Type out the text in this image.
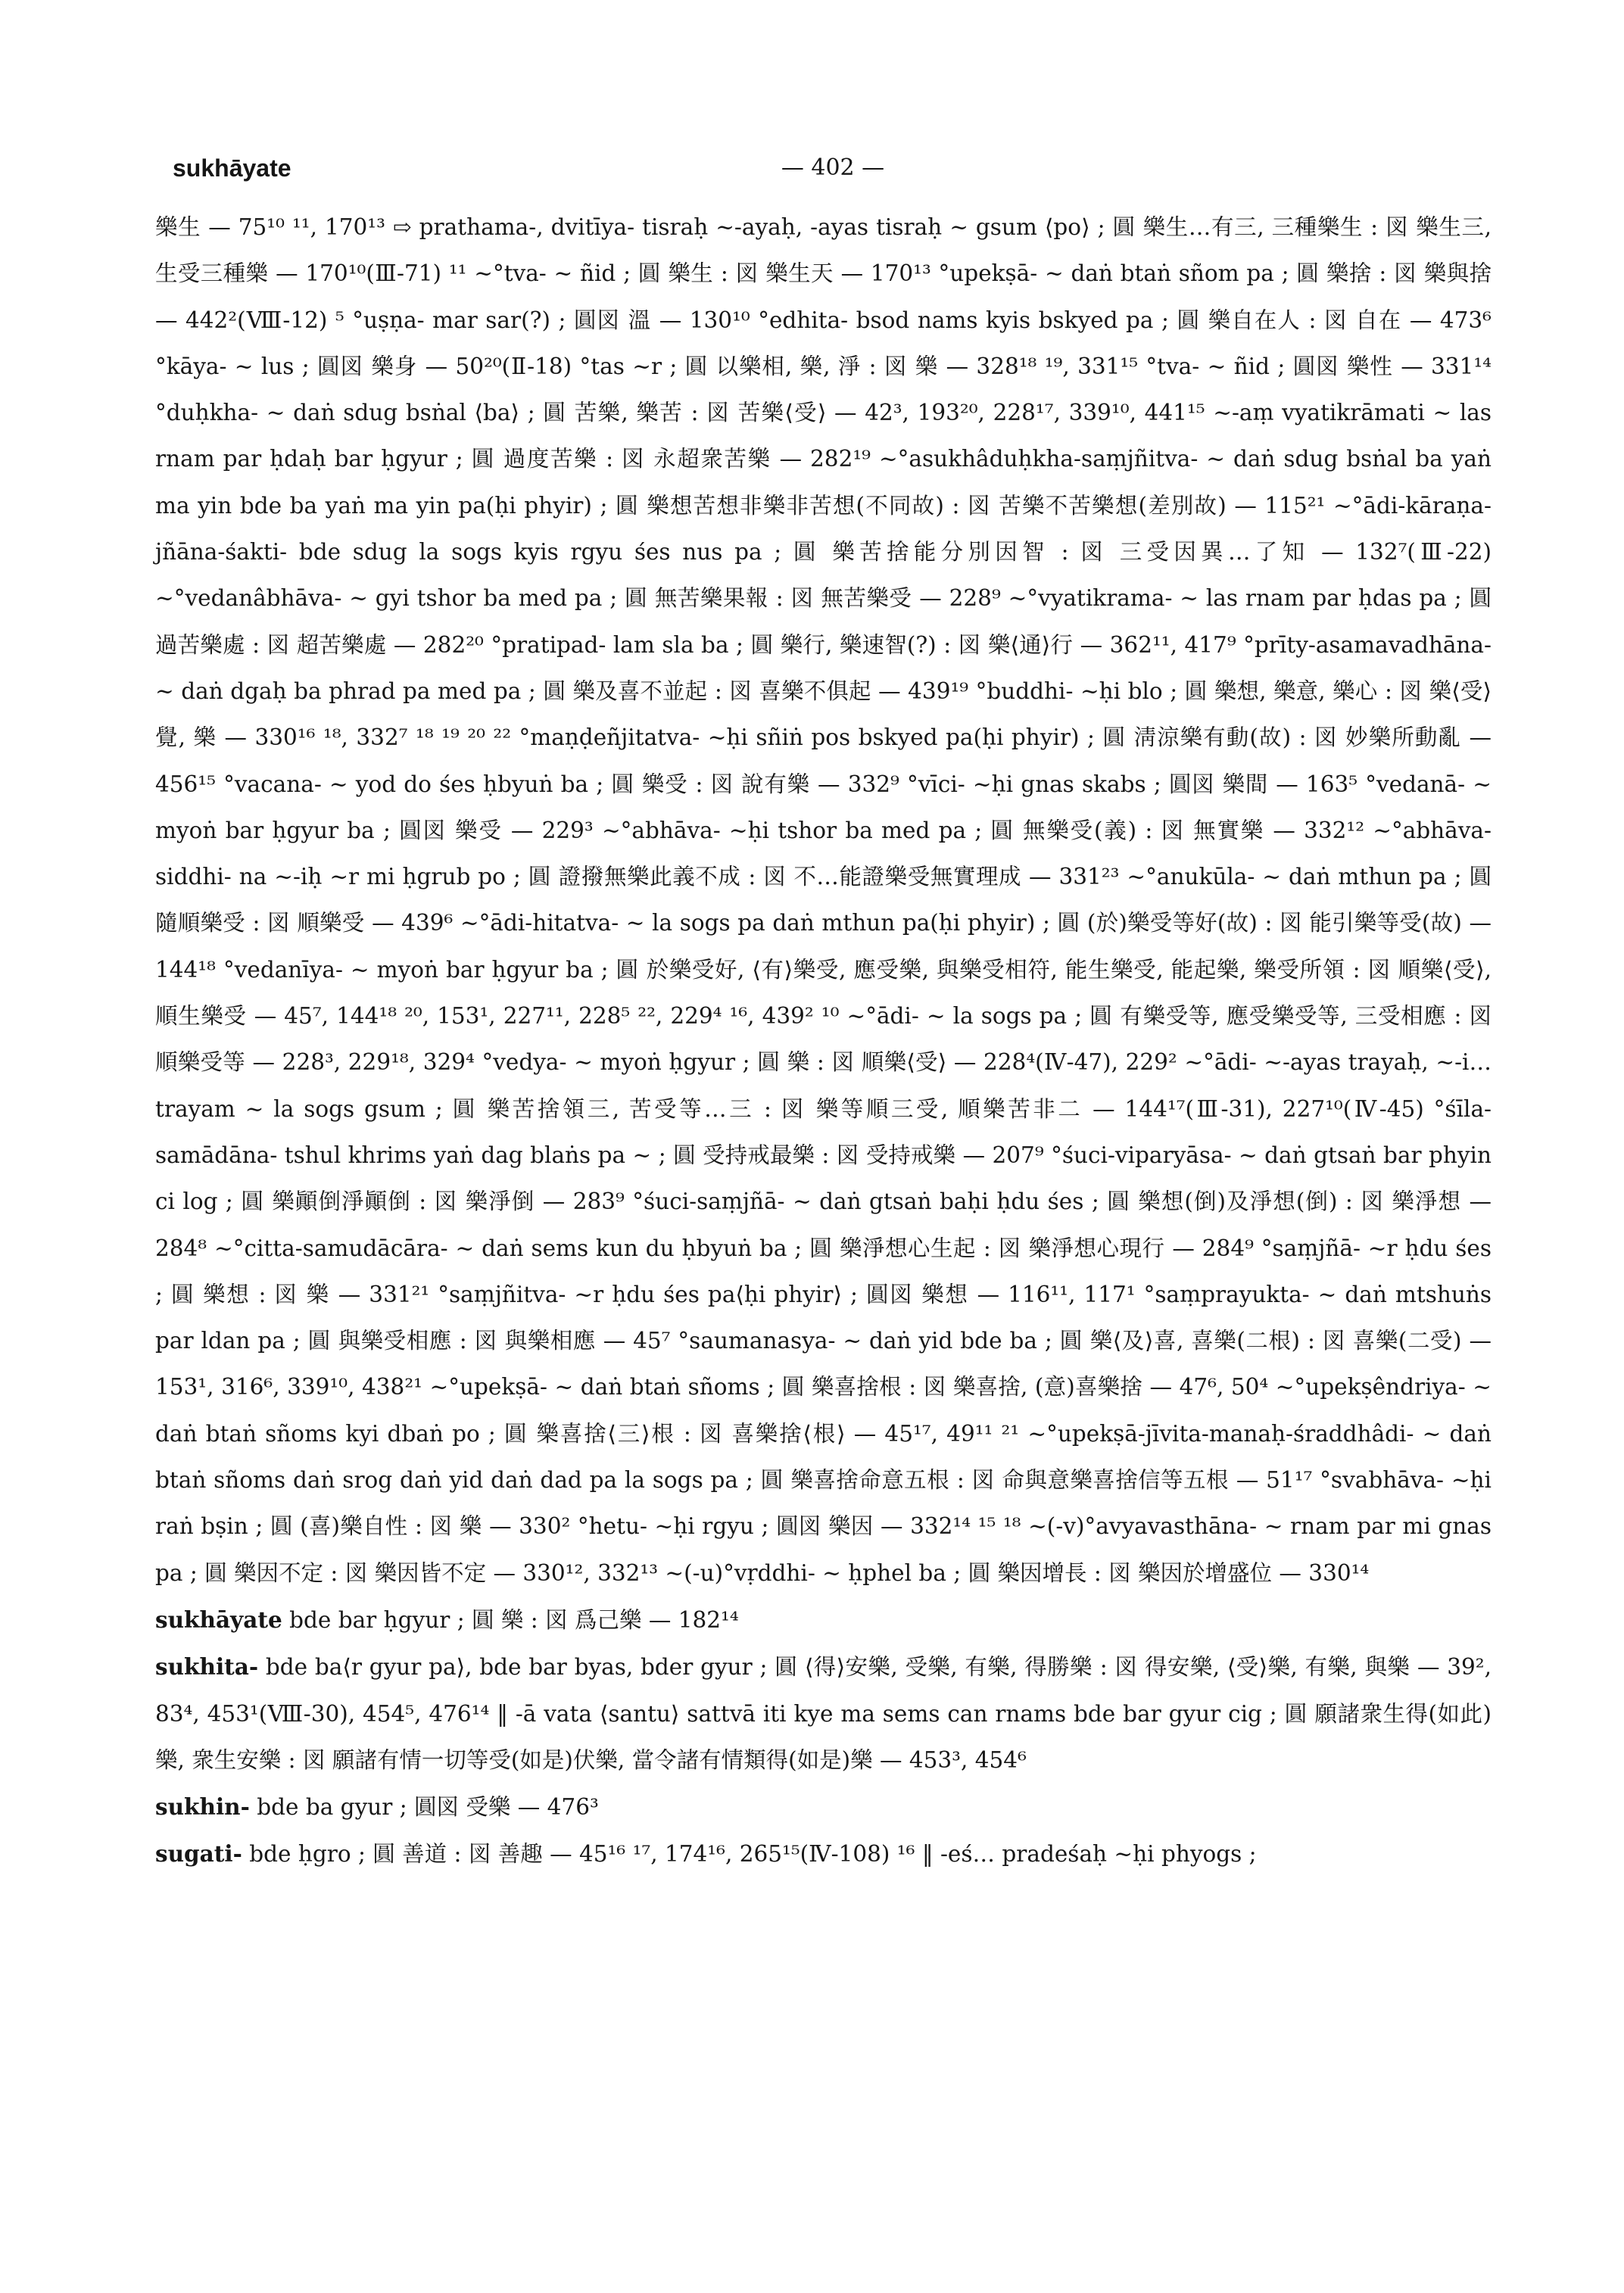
sukhāyate	— 402 —

樂生 — 75¹⁰ ¹¹, 170¹³ ⇨ prathama-, dvitīya- tisraḥ ~-ayaḥ, -ayas tisraḥ ~ gsum ⟨po⟩ ; 圓 樂生…有三, 三種樂生 : 図 樂生三, 生受三種樂 — 170¹⁰(Ⅲ-71) ¹¹ ~°tva- ~ ñid ; 圓 樂生 : 図 樂生天 — 170¹³ °upekṣā- ~ daṅ btaṅ sñom pa ; 圓 樂捨 : 図 樂與捨 — 442²(Ⅷ-12) ⁵ °uṣṇa- mar sar(?) ; 圓図 溫 — 130¹⁰ °edhita- bsod nams kyis bskyed pa ; 圓 樂自在人 : 図 自在 — 473⁶ °kāya- ~ lus ; 圓図 樂身 — 50²⁰(Ⅱ-18) °tas ~r ; 圓 以樂相, 樂, 淨 : 図 樂 — 328¹⁸ ¹⁹, 331¹⁵ °tva- ~ ñid ; 圓図 樂性 — 331¹⁴ °duḥkha- ~ daṅ sdug bsṅal ⟨ba⟩ ; 圓 苦樂, 樂苦 : 図 苦樂⟨受⟩ — 42³, 193²⁰, 228¹⁷, 339¹⁰, 441¹⁵ ~-aṃ vyatikrāmati ~ las rnam par ḥdaḥ bar ḥgyur ; 圓 過度苦樂 : 図 永超衆苦樂 — 282¹⁹ ~°asukhâduḥkha-saṃjñitva- ~ daṅ sdug bsṅal ba yaṅ ma yin bde ba yaṅ ma yin pa(ḥi phyir) ; 圓 樂想苦想非樂非苦想(不同故) : 図 苦樂不苦樂想(差別故) — 115²¹ ~°ādi-kāraṇa-jñāna-śakti- bde sdug la sogs kyis rgyu śes nus pa ; 圓 樂苦捨能分別因智 : 図 三受因異…了知 — 132⁷(Ⅲ-22) ~°vedanâbhāva- ~ gyi tshor ba med pa ; 圓 無苦樂果報 : 図 無苦樂受 — 228⁹ ~°vyatikrama- ~ las rnam par ḥdas pa ; 圓 過苦樂處 : 図 超苦樂處 — 282²⁰ °pratipad- lam sla ba ; 圓 樂行, 樂速智(?) : 図 樂⟨通⟩行 — 362¹¹, 417⁹ °prīty-asamavadhāna- ~ daṅ dgaḥ ba phrad pa med pa ; 圓 樂及喜不並起 : 図 喜樂不俱起 — 439¹⁹ °buddhi- ~ḥi blo ; 圓 樂想, 樂意, 樂心 : 図 樂⟨受⟩覺, 樂 — 330¹⁶ ¹⁸, 332⁷ ¹⁸ ¹⁹ ²⁰ ²² °maṇḍeñjitatva- ~ḥi sñiṅ pos bskyed pa(ḥi phyir) ; 圓 淸涼樂有動(故) : 図 妙樂所動亂 — 456¹⁵ °vacana- ~ yod do śes ḥbyuṅ ba ; 圓 樂受 : 図 說有樂 — 332⁹ °vīci- ~ḥi gnas skabs ; 圓図 樂間 — 163⁵ °vedanā- ~ myoṅ bar ḥgyur ba ; 圓図 樂受 — 229³ ~°abhāva- ~ḥi tshor ba med pa ; 圓 無樂受(義) : 図 無實樂 — 332¹² ~°abhāva-siddhi- na ~-iḥ ~r mi ḥgrub po ; 圓 證撥無樂此義不成 : 図 不…能證樂受無實理成 — 331²³ ~°anukūla- ~ daṅ mthun pa ; 圓 隨順樂受 : 図 順樂受 — 439⁶ ~°ādi-hitatva- ~ la sogs pa daṅ mthun pa(ḥi phyir) ; 圓 (於)樂受等好(故) : 図 能引樂等受(故) — 144¹⁸ °vedanīya- ~ myoṅ bar ḥgyur ba ; 圓 於樂受好, ⟨有⟩樂受, 應受樂, 與樂受相符, 能生樂受, 能起樂, 樂受所領 : 図 順樂⟨受⟩, 順生樂受 — 45⁷, 144¹⁸ ²⁰, 153¹, 227¹¹, 228⁵ ²², 229⁴ ¹⁶, 439² ¹⁰ ~°ādi- ~ la sogs pa ; 圓 有樂受等, 應受樂受等, 三受相應 : 図 順樂受等 — 228³, 229¹⁸, 329⁴ °vedya- ~ myoṅ ḥgyur ; 圓 樂 : 図 順樂⟨受⟩ — 228⁴(Ⅳ-47), 229² ~°ādi- ~-ayas trayaḥ, ~-i… trayam ~ la sogs gsum ; 圓 樂苦捨領三, 苦受等…三 : 図 樂等順三受, 順樂苦非二 — 144¹⁷(Ⅲ-31), 227¹⁰(Ⅳ-45) °śīla-samādāna- tshul khrims yaṅ dag blaṅs pa ~ ; 圓 受持戒最樂 : 図 受持戒樂 — 207⁹ °śuci-viparyāsa- ~ daṅ gtsaṅ bar phyin ci log ; 圓 樂顚倒淨顚倒 : 図 樂淨倒 — 283⁹ °śuci-saṃjñā- ~ daṅ gtsaṅ baḥi ḥdu śes ; 圓 樂想(倒)及淨想(倒) : 図 樂淨想 — 284⁸ ~°citta-samudācāra- ~ daṅ sems kun du ḥbyuṅ ba ; 圓 樂淨想心生起 : 図 樂淨想心現行 — 284⁹ °saṃjñā- ~r ḥdu śes ; 圓 樂想 : 図 樂 — 331²¹ °saṃjñitva- ~r ḥdu śes pa⟨ḥi phyir⟩ ; 圓図 樂想 — 116¹¹, 117¹ °saṃprayukta- ~ daṅ mtshuṅs par ldan pa ; 圓 與樂受相應 : 図 與樂相應 — 45⁷ °saumanasya- ~ daṅ yid bde ba ; 圓 樂⟨及⟩喜, 喜樂(二根) : 図 喜樂(二受) — 153¹, 316⁶, 339¹⁰, 438²¹ ~°upekṣā- ~ daṅ btaṅ sñoms ; 圓 樂喜捨根 : 図 樂喜捨, (意)喜樂捨 — 47⁶, 50⁴ ~°upekṣêndriya- ~ daṅ btaṅ sñoms kyi dbaṅ po ; 圓 樂喜捨⟨三⟩根 : 図 喜樂捨⟨根⟩ — 45¹⁷, 49¹¹ ²¹ ~°upekṣā-jīvita-manaḥ-śraddhâdi- ~ daṅ btaṅ sñoms daṅ srog daṅ yid daṅ dad pa la sogs pa ; 圓 樂喜捨命意五根 : 図 命與意樂喜捨信等五根 — 51¹⁷ °svabhāva- ~ḥi raṅ bṣin ; 圓 (喜)樂自性 : 図 樂 — 330² °hetu- ~ḥi rgyu ; 圓図 樂因 — 332¹⁴ ¹⁵ ¹⁸ ~(-v)°avyavasthāna- ~ rnam par mi gnas pa ; 圓 樂因不定 : 図 樂因皆不定 — 330¹², 332¹³ ~(-u)°vṛddhi- ~ ḥphel ba ; 圓 樂因增長 : 図 樂因於增盛位 — 330¹⁴

sukhāyate bde bar ḥgyur ; 圓 樂 : 図 爲己樂 — 182¹⁴

sukhita- bde ba⟨r gyur pa⟩, bde bar byas, bder gyur ; 圓 ⟨得⟩安樂, 受樂, 有樂, 得勝樂 : 図 得安樂, ⟨受⟩樂, 有樂, 與樂 — 39², 83⁴, 453¹(Ⅷ-30), 454⁵, 476¹⁴ ‖ -ā vata ⟨santu⟩ sattvā iti kye ma sems can rnams bde bar gyur cig ; 圓 願諸衆生得(如此)樂, 衆生安樂 : 図 願諸有情一切等受(如是)伏樂, 當令諸有情類得(如是)樂 — 453³, 454⁶

sukhin- bde ba gyur ; 圓図 受樂 — 476³

sugati- bde ḥgro ; 圓 善道 : 図 善趣 — 45¹⁶ ¹⁷, 174¹⁶, 265¹⁵(Ⅳ-108) ¹⁶ ‖ -eś… pradeśaḥ ~ḥi phyogs ;
